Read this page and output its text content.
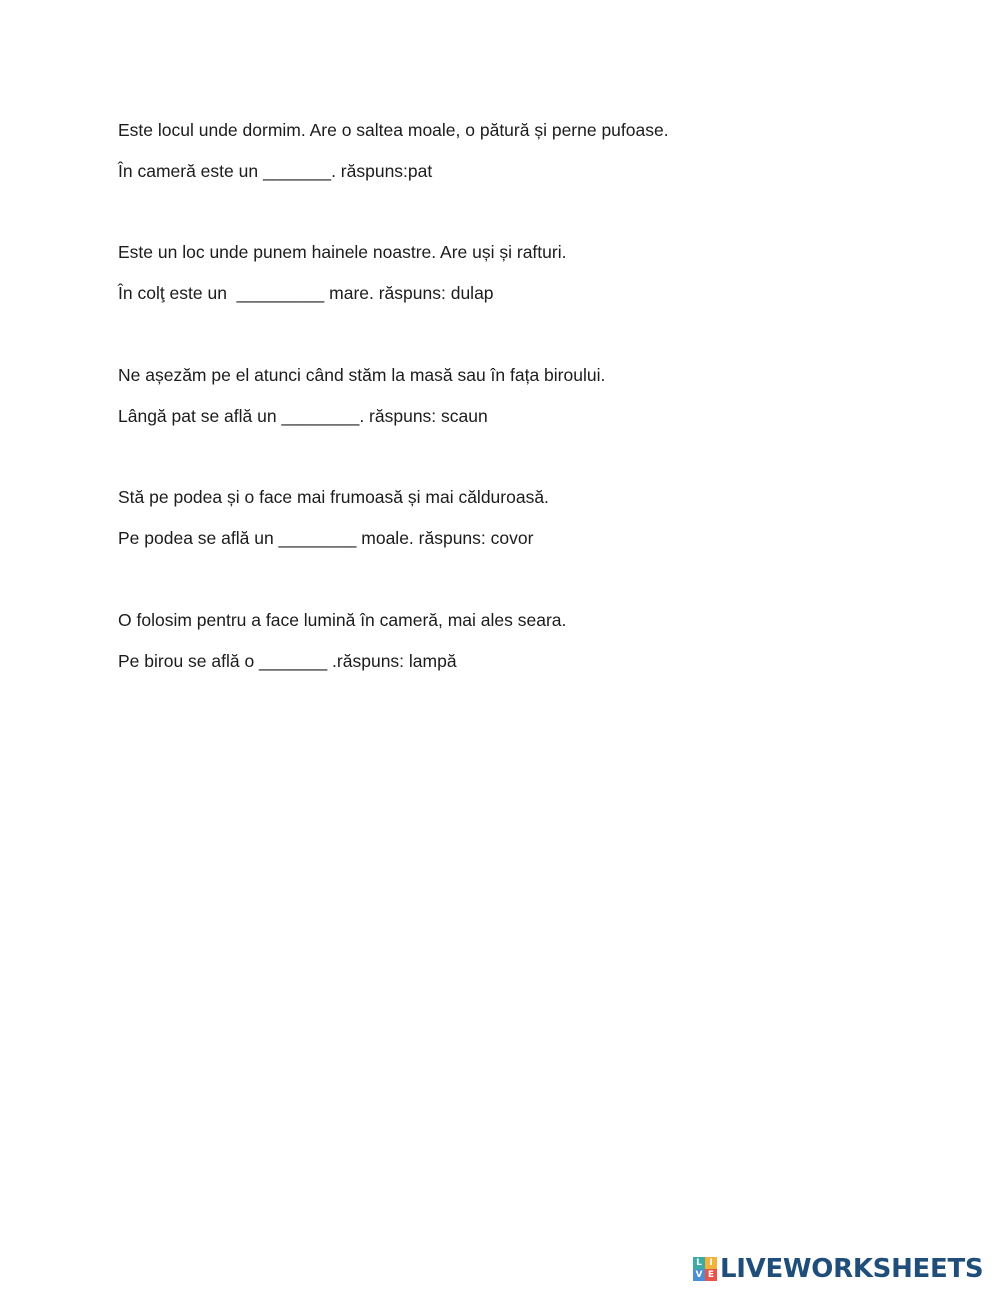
Este locul unde dormim. Are o saltea moale, o pătură și perne pufoase.
În cameră este un _______. răspuns:pat
Este un loc unde punem hainele noastre. Are uși și rafturi.
În colţ este un  _________ mare. răspuns: dulap
Ne așezăm pe el atunci când stăm la masă sau în fața biroului.
Lângă pat se află un ________. răspuns: scaun
Stă pe podea și o face mai frumoasă și mai călduroasă.
Pe podea se află un ________ moale. răspuns: covor
O folosim pentru a face lumină în cameră, mai ales seara.
Pe birou se află o _______ .răspuns: lampă
L I
V E LIVEWORKSHEETS
